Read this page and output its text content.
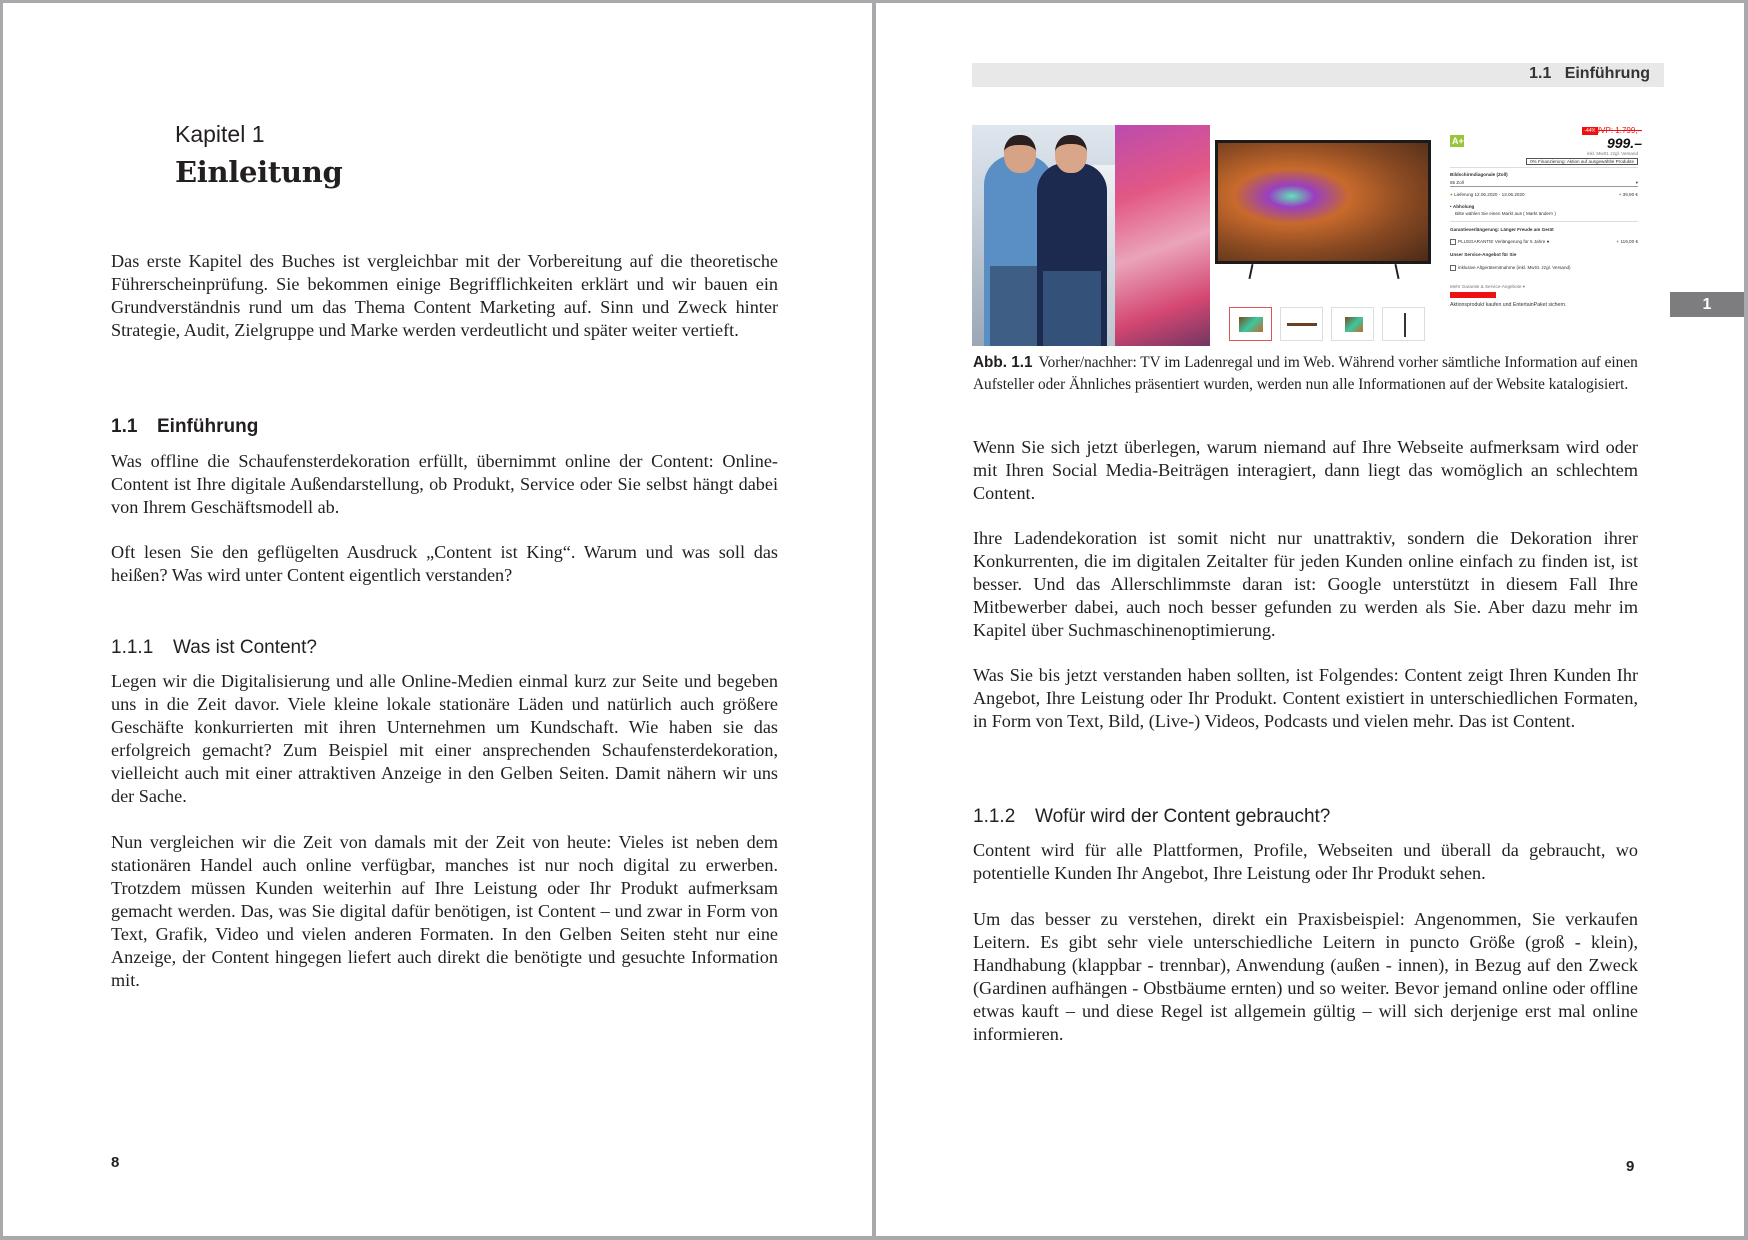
Kapitel 1
Einleitung

Das erste Kapitel des Buches ist vergleichbar mit der Vorbereitung auf die theoretische Führerscheinprüfung. Sie bekommen einige Begrifflichkeiten erklärt und wir bauen ein Grundverständnis rund um das Thema Content Marketing auf. Sinn und Zweck hinter Strategie, Audit, Zielgruppe und Marke werden verdeutlicht und später weiter vertieft.

1.1 Einführung

Was offline die Schaufensterdekoration erfüllt, übernimmt online der Content: Online-Content ist Ihre digitale Außendarstellung, ob Produkt, Service oder Sie selbst hängt dabei von Ihrem Geschäftsmodell ab.

Oft lesen Sie den geflügelten Ausdruck „Content ist King“. Warum und was soll das heißen? Was wird unter Content eigentlich verstanden?

1.1.1 Was ist Content?

Legen wir die Digitalisierung und alle Online-Medien einmal kurz zur Seite und begeben uns in die Zeit davor. Viele kleine lokale stationäre Läden und natürlich auch größere Geschäfte konkurrierten mit ihren Unternehmen um Kundschaft. Wie haben sie das erfolgreich gemacht? Zum Beispiel mit einer ansprechenden Schaufensterdekoration, vielleicht auch mit einer attraktiven Anzeige in den Gelben Seiten. Damit nähern wir uns der Sache.

Nun vergleichen wir die Zeit von damals mit der Zeit von heute: Vieles ist neben dem stationären Handel auch online verfügbar, manches ist nur noch digital zu erwerben. Trotzdem müssen Kunden weiterhin auf Ihre Leistung oder Ihr Produkt aufmerksam gemacht werden. Das, was Sie digital dafür benötigen, ist Content – und zwar in Form von Text, Grafik, Video und vielen anderen Formaten. In den Gelben Seiten steht nur eine Anzeige, der Content hingegen liefert auch direkt die benötigte und gesuchte Information mit.

8
1.1   Einführung
1
A+
-44%
UVP: 1.799,–
999.–
inkl. MwSt. zzgl. Versand
0% Finanzierung: Aktion auf ausgewählte Produkte
Bildschirmdiagonale (Zoll)
65 Zoll	▾
● Lieferung 12.06.2020 - 13.06.2020	+ 39,90 €
• Abholung
Bitte wählen Sie einen Markt aus ( Markt ändern )
Garantieverlängerung: Länger Freude am Gerät
PLUSGARANTIE Verlängerung für 5 Jahre ●	+ 119,00 €
Unser Service-Angebot für Sie
inklusive Altgerätemitnahme (inkl. MwSt. zzgl. Versand)
Mehr Garantie & Service-Angebote ▾
Aktionsprodukt kaufen und EntertainPaket sichern.

Abb. 1.1 Vorher/nachher: TV im Ladenregal und im Web. Während vorher sämtliche Information auf einen Aufsteller oder Ähnliches präsentiert wurden, werden nun alle Informationen auf der Website katalogisiert.

Wenn Sie sich jetzt überlegen, warum niemand auf Ihre Webseite aufmerksam wird oder mit Ihren Social Media-Beiträgen interagiert, dann liegt das womöglich an schlechtem Content.

Ihre Ladendekoration ist somit nicht nur unattraktiv, sondern die Dekoration ihrer Konkurrenten, die im digitalen Zeitalter für jeden Kunden online einfach zu finden ist, ist besser. Und das Allerschlimmste daran ist: Google unterstützt in diesem Fall Ihre Mitbewerber dabei, auch noch besser gefunden zu werden als Sie. Aber dazu mehr im Kapitel über Suchmaschinenoptimierung.

Was Sie bis jetzt verstanden haben sollten, ist Folgendes: Content zeigt Ihren Kunden Ihr Angebot, Ihre Leistung oder Ihr Produkt. Content existiert in unterschiedlichen Formaten, in Form von Text, Bild, (Live-) Videos, Podcasts und vielen mehr. Das ist Content.

1.1.2 Wofür wird der Content gebraucht?

Content wird für alle Plattformen, Profile, Webseiten und überall da gebraucht, wo potentielle Kunden Ihr Angebot, Ihre Leistung oder Ihr Produkt sehen.

Um das besser zu verstehen, direkt ein Praxisbeispiel: Angenommen, Sie verkaufen Leitern. Es gibt sehr viele unterschiedliche Leitern in puncto Größe (groß - klein), Handhabung (klappbar - trennbar), Anwendung (außen - innen), in Bezug auf den Zweck (Gardinen aufhängen - Obstbäume ernten) und so weiter. Bevor jemand online oder offline etwas kauft – und diese Regel ist allgemein gültig – will sich derjenige erst mal online informieren.

9
